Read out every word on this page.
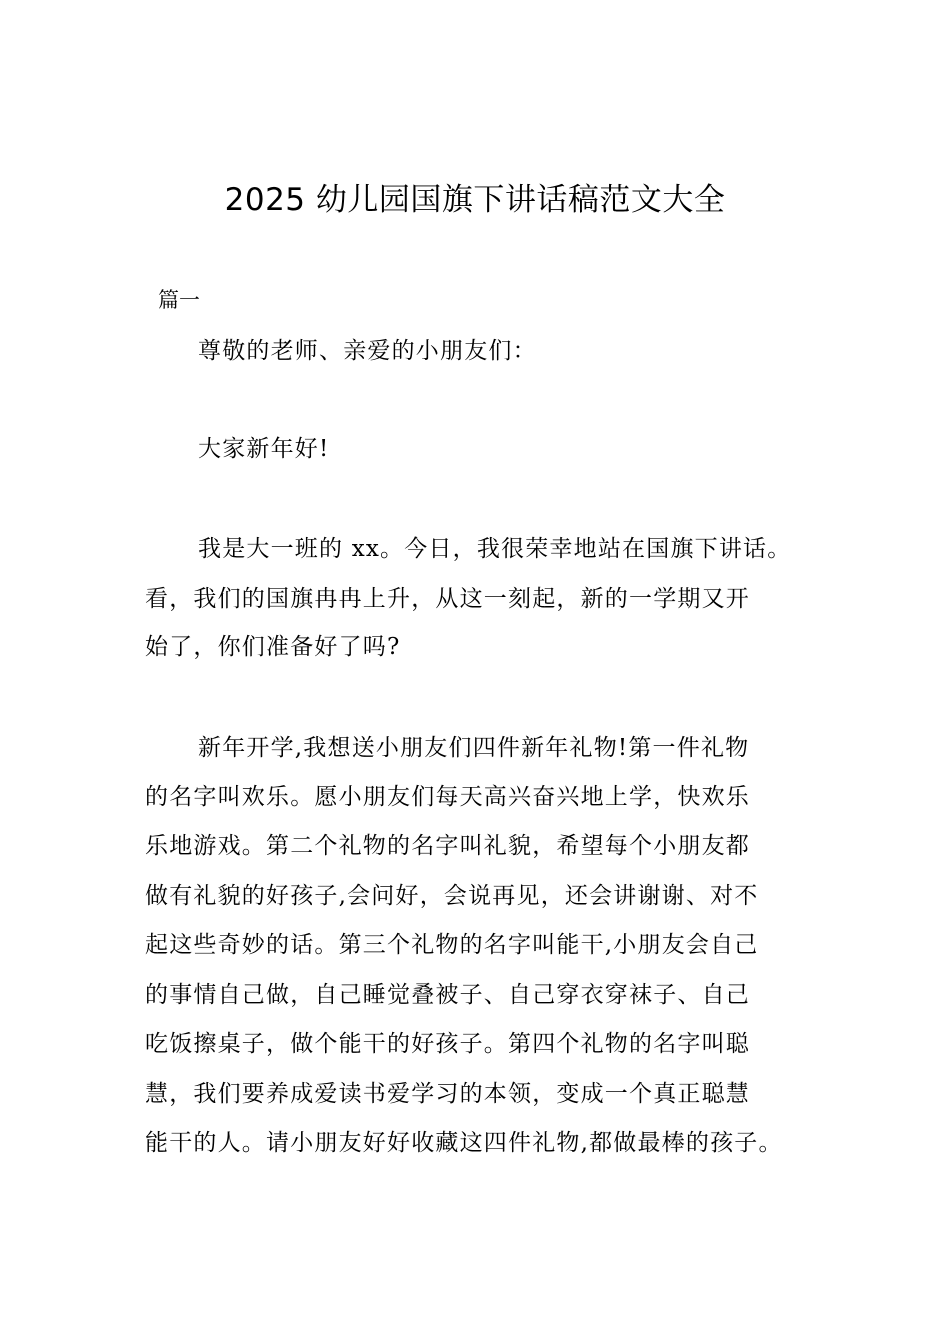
2025 幼儿园国旗下讲话稿范文大全
篇一
尊敬的老师、亲爱的小朋友们：
大家新年好!
我是大一班的 xx。今日，我很荣幸地站在国旗下讲话。
看，我们的国旗冉冉上升，从这一刻起，新的一学期又开
始了，你们准备好了吗?
新年开学,我想送小朋友们四件新年礼物!第一件礼物
的名字叫欢乐。愿小朋友们每天高兴奋兴地上学，快欢乐
乐地游戏。第二个礼物的名字叫礼貌，希望每个小朋友都
做有礼貌的好孩子,会问好，会说再见，还会讲谢谢、对不
起这些奇妙的话。第三个礼物的名字叫能干,小朋友会自己
的事情自己做，自己睡觉叠被子、自己穿衣穿袜子、自己
吃饭擦桌子，做个能干的好孩子。第四个礼物的名字叫聪
慧，我们要养成爱读书爱学习的本领，变成一个真正聪慧
能干的人。请小朋友好好收藏这四件礼物,都做最棒的孩子。
